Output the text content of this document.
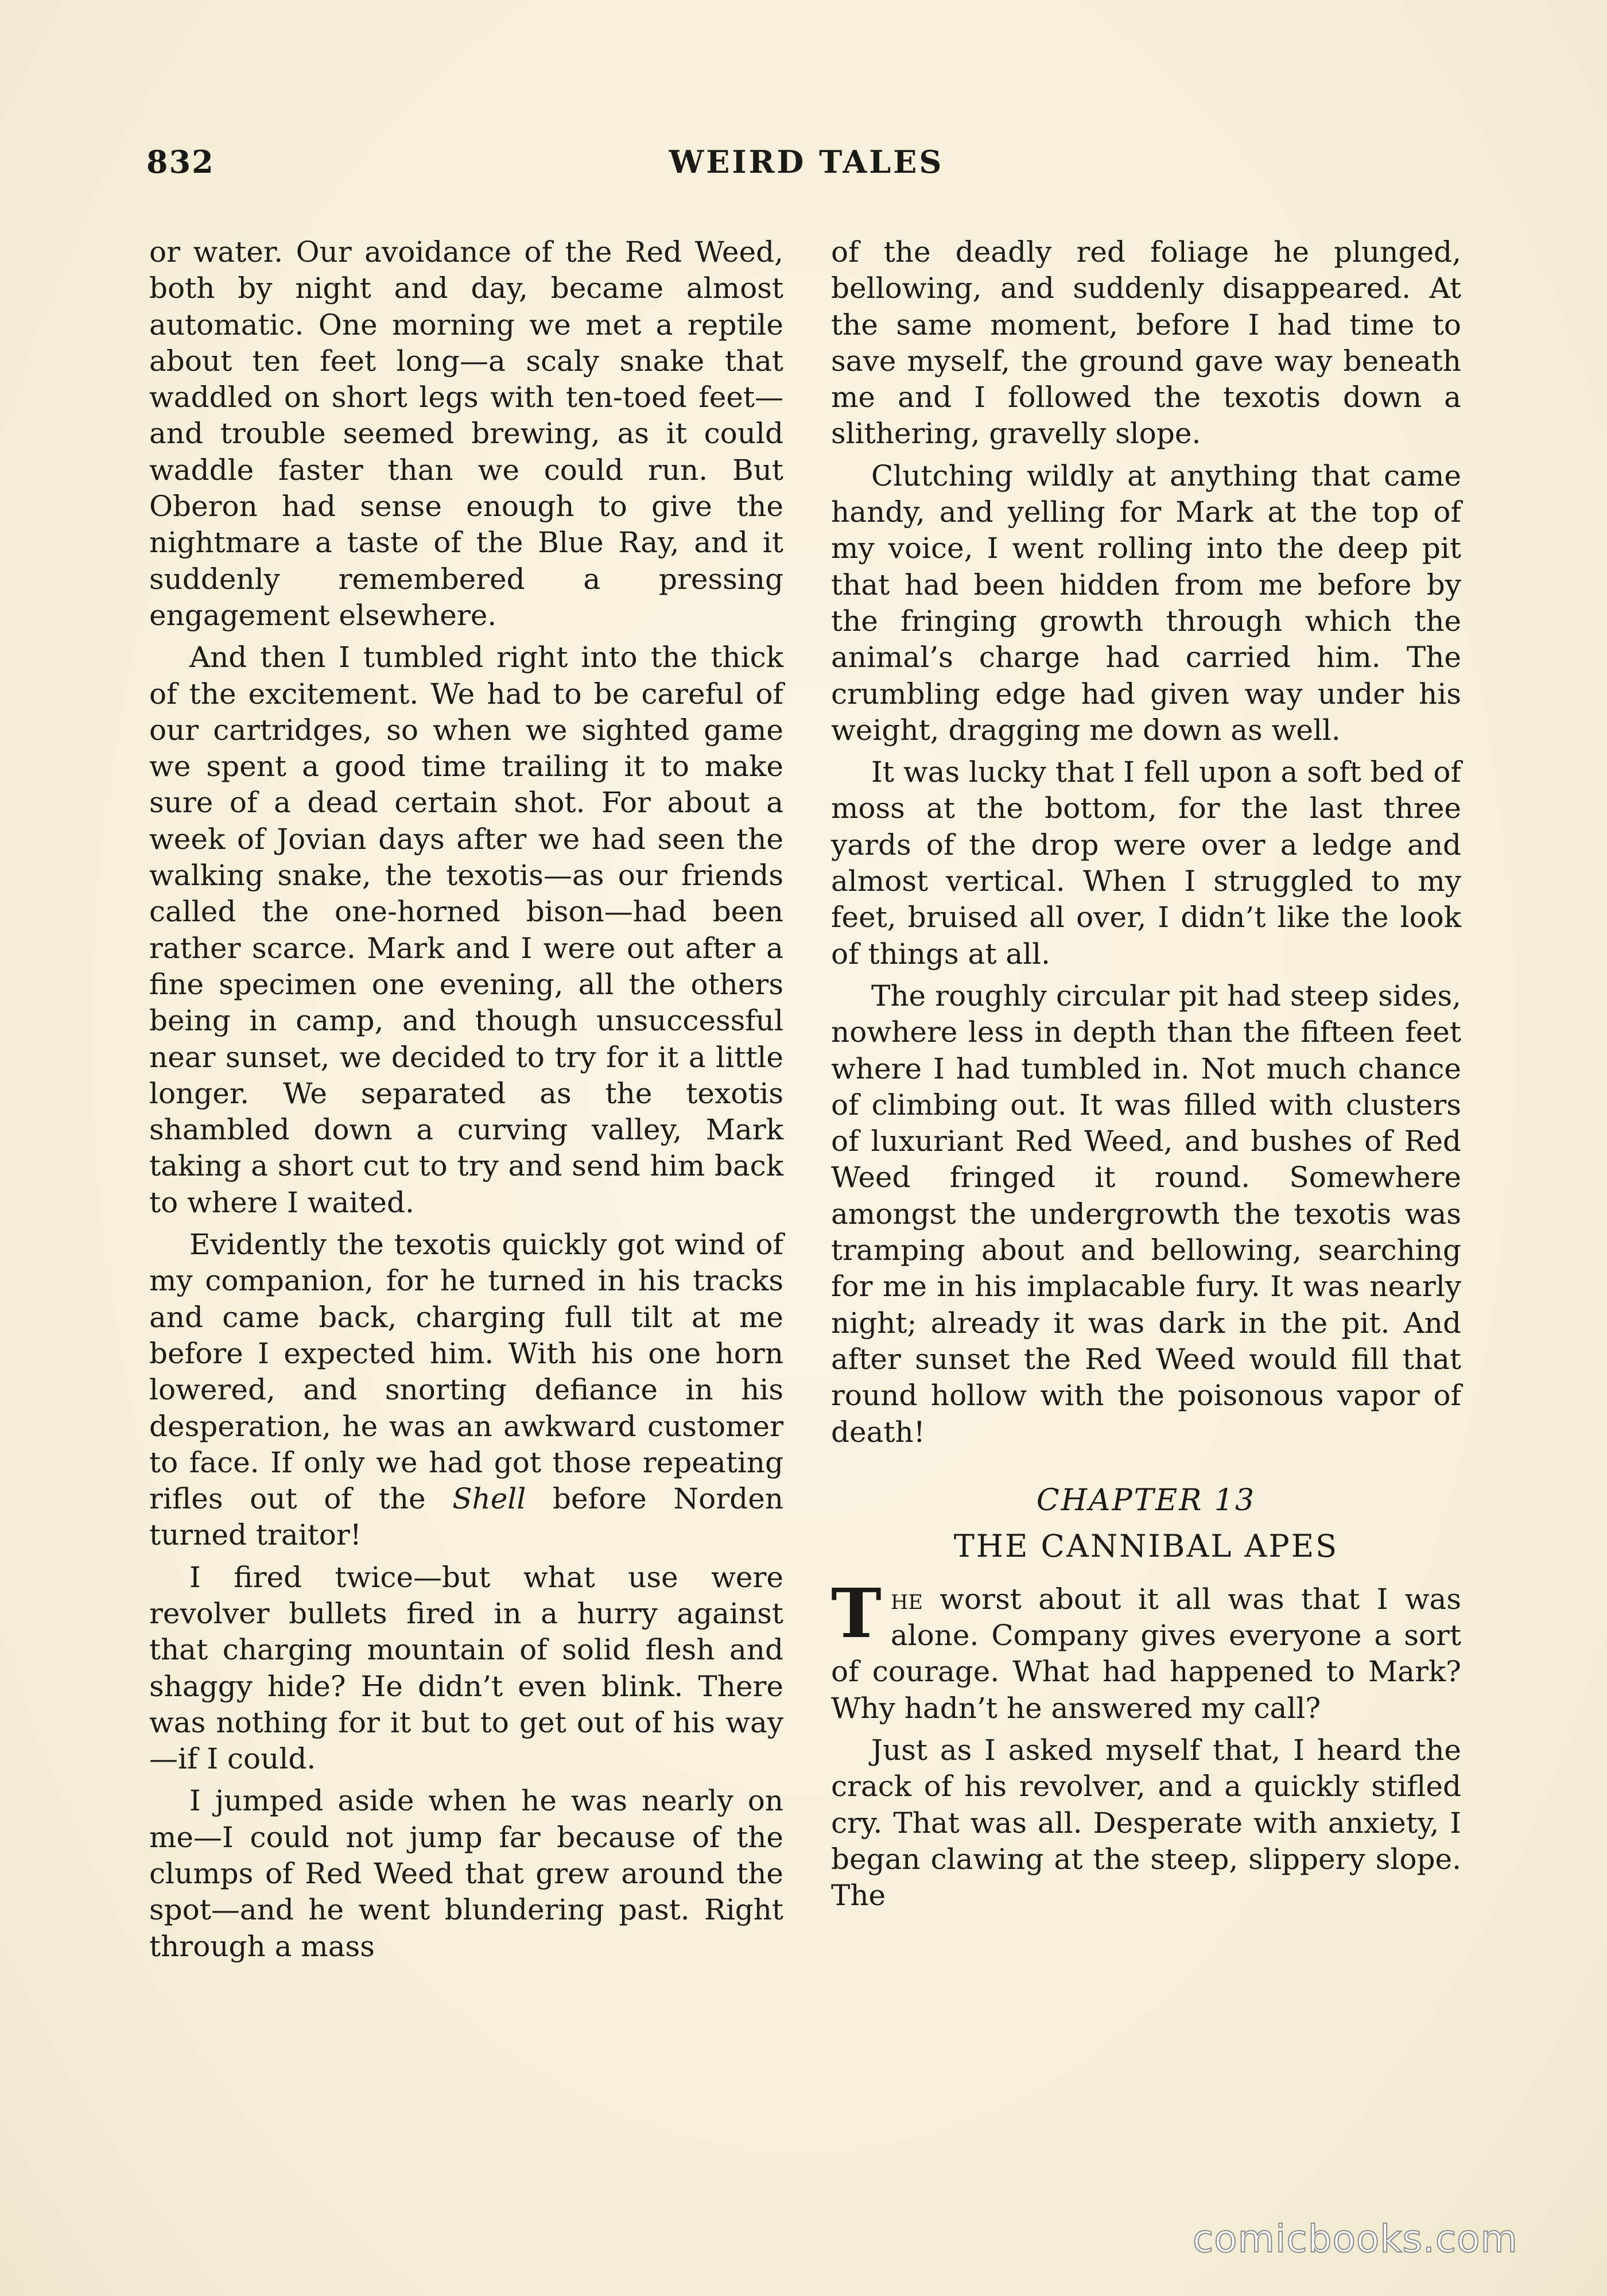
WEIRD TALES
832

or water. Our avoidance of the Red Weed, both by night and day, became almost automatic. One morning we met a reptile about ten feet long—a scaly snake that waddled on short legs with ten-toed feet—and trouble seemed brewing, as it could waddle faster than we could run. But Oberon had sense enough to give the nightmare a taste of the Blue Ray, and it suddenly remembered a pressing engagement elsewhere.

And then I tumbled right into the thick of the excitement. We had to be careful of our cartridges, so when we sighted game we spent a good time trailing it to make sure of a dead certain shot. For about a week of Jovian days after we had seen the walking snake, the texotis—as our friends called the one-horned bison—had been rather scarce. Mark and I were out after a fine specimen one evening, all the others being in camp, and though unsuccessful near sunset, we decided to try for it a little longer. We separated as the texotis shambled down a curving valley, Mark taking a short cut to try and send him back to where I waited.

Evidently the texotis quickly got wind of my companion, for he turned in his tracks and came back, charging full tilt at me before I expected him. With his one horn lowered, and snorting defiance in his desperation, he was an awkward customer to face. If only we had got those repeating rifles out of the Shell before Norden turned traitor!

I fired twice—but what use were revolver bullets fired in a hurry against that charging mountain of solid flesh and shaggy hide? He didn’t even blink. There was nothing for it but to get out of his way—if I could.

I jumped aside when he was nearly on me—I could not jump far because of the clumps of Red Weed that grew around the spot—and he went blundering past. Right through a mass

of the deadly red foliage he plunged, bellowing, and suddenly disappeared. At the same moment, before I had time to save myself, the ground gave way beneath me and I followed the texotis down a slithering, gravelly slope.

Clutching wildly at anything that came handy, and yelling for Mark at the top of my voice, I went rolling into the deep pit that had been hidden from me before by the fringing growth through which the animal’s charge had carried him. The crumbling edge had given way under his weight, dragging me down as well.

It was lucky that I fell upon a soft bed of moss at the bottom, for the last three yards of the drop were over a ledge and almost vertical. When I struggled to my feet, bruised all over, I didn’t like the look of things at all.

The roughly circular pit had steep sides, nowhere less in depth than the fifteen feet where I had tumbled in. Not much chance of climbing out. It was filled with clusters of luxuriant Red Weed, and bushes of Red Weed fringed it round. Somewhere amongst the undergrowth the texotis was tramping about and bellowing, searching for me in his implacable fury. It was nearly night; already it was dark in the pit. And after sunset the Red Weed would fill that round hollow with the poisonous vapor of death!

CHAPTER 13
THE CANNIBAL APES

The worst about it all was that I was alone. Company gives everyone a sort of courage. What had happened to Mark? Why hadn’t he answered my call?

Just as I asked myself that, I heard the crack of his revolver, and a quickly stifled cry. That was all. Desperate with anxiety, I began clawing at the steep, slippery slope. The

comicbooks.com
